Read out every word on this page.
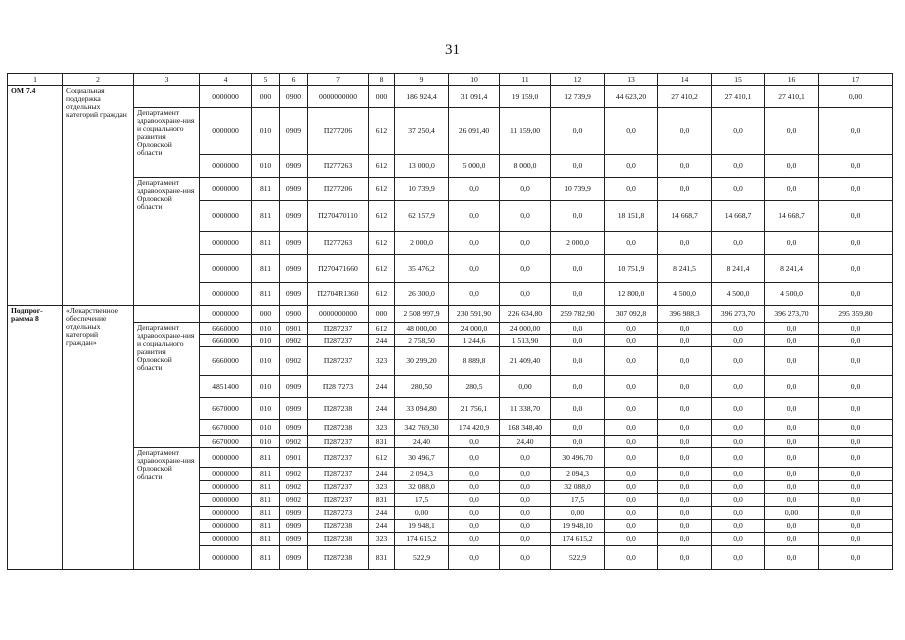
31
1	2	3	4	5	6	7	8	9	10	11	12	13	14	15	16	17
ОМ 7.4	Социальная поддержка отдельных категорий граждан		0000000	000	0900	0000000000	000	186 924,4	31 091,4	19 159,0	12 739,9	44 623,20	27 410,2	27 410,1	27 410,1	0,00
		Департамент здравоохране-ния и социального развития Орловской области	0000000	010	0909	П277206	612	37 250,4	26 091,40	11 159,00	0,0	0,0	0,0	0,0	0,0	0,0
			0000000	010	0909	П277263	612	13 000,0	5 000,0	8 000,0	0,0	0,0	0,0	0,0	0,0	0,0
		Департамент здравоохране-ния Орловской области	0000000	811	0909	П277206	612	10 739,9	0,0	0,0	10 739,9	0,0	0,0	0,0	0,0	0,0
			0000000	811	0909	П270470110	612	62 157,9	0,0	0,0	0,0	18 151,8	14 668,7	14 668,7	14 668,7	0,0
			0000000	811	0909	П277263	612	2 000,0	0,0	0,0	2 000,0	0,0	0,0	0,0	0,0	0,0
			0000000	811	0909	П270471660	612	35 476,2	0,0	0,0	0,0	10 751,9	8 241,5	8 241,4	8 241,4	0,0
			0000000	811	0909	П2704R1360	612	26 300,0	0,0	0,0	0,0	12 800,0	4 500,0	4 500,0	4 500,0	0,0
Подпрог-рамма 8	«Лекарственное обеспечение отдельных категорий граждан»		0000000	000	0900	0000000000	000	2 508 997,9	230 591,90	226 634,80	259 782,90	307 092,8	396 988,3	396 273,70	396 273,70	295 359,80
		Департамент здравоохране-ния и социального развития Орловской области	6660000	010	0901	П287237	612	48 000,00	24 000,0	24 000,00	0,0	0,0	0,0	0,0	0,0	0,0
			6660000	010	0902	П287237	244	2 758,50	1 244,6	1 513,90	0,0	0,0	0,0	0,0	0,0	0,0
			6660000	010	0902	П287237	323	30 299,20	8 889,8	21 409,40	0,0	0,0	0,0	0,0	0,0	0,0
			4851400	010	0909	П28 7273	244	280,50	280,5	0,00	0,0	0,0	0,0	0,0	0,0	0,0
			6670000	010	0909	П287238	244	33 094,80	21 756,1	11 338,70	0,0	0,0	0,0	0,0	0,0	0,0
			6670000	010	0909	П287238	323	342 769,30	174 420,9	168 348,40	0,0	0,0	0,0	0,0	0,0	0,0
			6670000	010	0902	П287237	831	24,40	0,0	24,40	0,0	0,0	0,0	0,0	0,0	0,0
		Департамент здравоохране-ния Орловской области	0000000	811	0901	П287237	612	30 496,7	0,0	0,0	30 496,70	0,0	0,0	0,0	0,0	0,0
			0000000	811	0902	П287237	244	2 094,3	0,0	0,0	2 094,3	0,0	0,0	0,0	0,0	0,0
			0000000	811	0902	П287237	323	32 088,0	0,0	0,0	32 088,0	0,0	0,0	0,0	0,0	0,0
			0000000	811	0902	П287237	831	17,5	0,0	0,0	17,5	0,0	0,0	0,0	0,0	0,0
			0000000	811	0909	П287273	244	0,00	0,0	0,0	0,00	0,0	0,0	0,0	0,00	0,0
			0000000	811	0909	П287238	244	19 948,1	0,0	0,0	19 948,10	0,0	0,0	0,0	0,0	0,0
			0000000	811	0909	П287238	323	174 615,2	0,0	0,0	174 615,2	0,0	0,0	0,0	0,0	0,0
			0000000	811	0909	П287238	831	522,9	0,0	0,0	522,9	0,0	0,0	0,0	0,0	0,0
